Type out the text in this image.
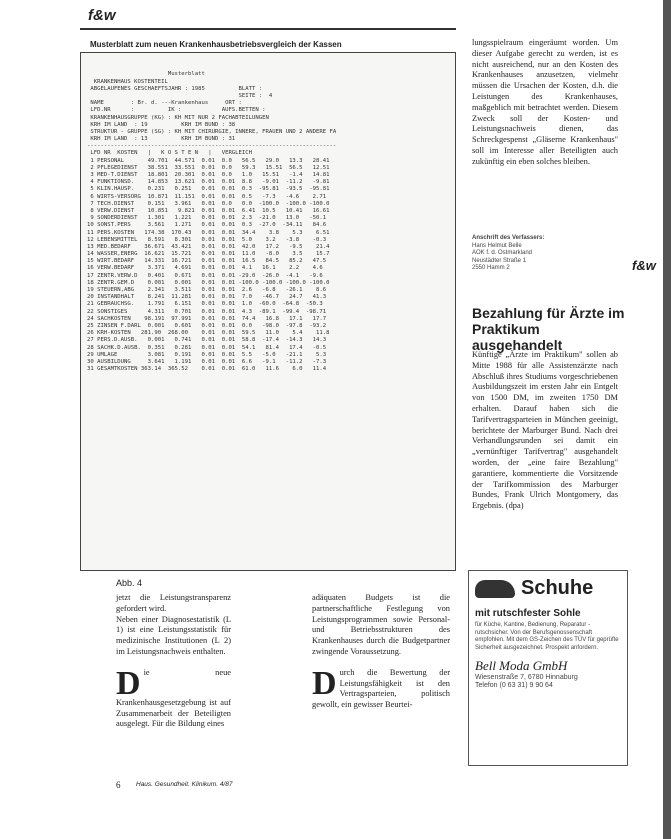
f&w
Musterblatt zum neuen Krankenhausbetriebsvergleich der Kassen

Musterblatt
KRANKENHAUS KOSTENTEIL
ABGELAUFENES GESCHAEFTSJAHR : 1985          BLATT :
SEITE :  4
NAME        : Br. d. ---Krankenhaus     ORT :
LFD.NR      :          IK :            AUFS.BETTEN :
KRANKENHAUSGRUPPE (KG) : KH MIT NUR 2 FACHABTEILUNGEN
KRH IM LAND  : 19          KRH IM BUND : 38
STRUKTUR - GRUPPE (SG) : KH MIT CHIRURGIE, INNERE, FRAUEN UND 2 ANDERE FA
KRH IM LAND  : 13          KRH IM BUND : 31
--------------------------------------------------------------------------
LFD NR  KOSTEN   |   K O S T E N   |   VERGLEICH
1 PERSONAL       49.701  44.571  0.01  0.0   56.5   29.0   13.3   28.41
2 PFLEGEDIENST   38.551  33.551  0.01  0.0   59.3   15.51  56.5   12.51
3 MED-T.DIENST   18.801  20.301  0.01  0.0   1.0   15.51   -1.4   14.81
4 FUNKTIONSD.    14.853  13.621  0.01  0.01  8.8   -9.01  -11.2   -9.81
5 KLIN.HAUSP.    0.231   0.251   0.01  0.01  0.3  -95.81  -93.5  -95.81
6 WIRTS-VERSORG  10.871  11.151  0.01  0.01  0.5   -7.3   -4.6    2.71
7 TECH.DIENST    0.151   3.961   0.01  0.0   0.0  -100.0  -100.0 -100.0
8 VERW.DIENST    10.851   9.821  0.01  0.01  6.41  10.5   10.41   16.61
9 SONDERDIENST   1.301   1.221   0.01  0.01  2.3  -21.0   13.0   -50.1
10 SONST.PERS     3.561   1.271   0.01  0.01  0.3  -27.0  -34.11   84.6
11 PERS.KOSTEN   174.38  170.43   0.01  0.01  34.4    3.8    5.3    6.51
12 LEBENSMITTEL   8.591   8.301   0.01  0.01  5.0    3.2   -3.8    -0.3
13 MED.BEDARF    36.671  43.421   0.01  0.01  42.0   17.2   -9.5    21.4
14 WASSER,ENERG  16.621  15.721   0.01  0.01  11.0   -8.0    3.5    15.7
15 WIRT.BEDARF   14.331  16.721   0.01  0.01  16.5   84.5   85.2   47.5
16 VERW.BEDARF    3.371   4.691   0.01  0.01  4.1   16.1    2.2    4.6
17 ZENTR.VERW.D   0.401   0.671   0.01  0.01 -29.0  -26.0  -4.1   -9.6
18 ZENTR.GEM.D    0.001   0.001   0.01  0.01 -100.0 -100.0 -100.0 -100.0
19 STEUERN,ABG    2.341   3.511   0.01  0.01  2.6   -6.8   -26.1    8.6
20 INSTANDHALT    8.241  11.281   0.01  0.01  7.0   -46.7   24.7   41.3
21 GEBRAUCHSG.    1.791   6.151   0.01  0.01  1.0  -60.0  -64.8  -50.3
22 SONSTIGES      4.311   0.701   0.01  0.01  4.3  -89.1  -99.4  -98.71
24 SACHKOSTEN    98.191  97.991   0.01  0.01  74.4   16.8   17.1   17.7
25 ZINSEN F.DARL  0.001   0.601   0.01  0.01  0.0   -98.0  -97.8  -93.2
26 KRH-KOSTEN   281.90  268.00    0.01  0.01  59.5   11.0    5.4    11.8
27 PERS.D.AUSB.   0.001   0.741   0.01  0.01  58.8  -17.4  -14.3   14.3
28 SACHK.D.AUSB.  0.351   0.281   0.01  0.01  54.1   81.4   17.4   -0.5
29 UMLAGE         3.081   0.191   0.01  0.01  5.5   -5.0   -21.1    5.3
30 AUSBILDUNG     3.641   1.191   0.01  0.01  6.6   -9.1   -11.2   -7.3
31 GESAMTKOSTEN 363.14  365.52    0.01  0.01  61.0   11.6    6.0   11.4

Abb. 4

jetzt die Leistungstransparenz gefordert wird.

Neben einer Diagnosestatistik (L 1) ist eine Leistungsstatistik für medizinische Institutionen (L 2) im Leistungsnachweis enthalten.

Die neue Krankenhausgesetzgebung ist auf Zusammenarbeit der Beteiligten ausgelegt. Für die Bildung eines

adäquaten Budgets ist die partnerschaftliche Festlegung von Leistungsprogrammen sowie Personal- und Betriebsstrukturen des Krankenhauses durch die Budgetpartner zwingende Voraussetzung.

Durch die Bewertung der Leistungsfähigkeit ist den Vertragsparteien, politisch gewollt, ein gewisser Beurtei-

lungsspielraum eingeräumt worden. Um dieser Aufgabe gerecht zu werden, ist es nicht ausreichend, nur an den Kosten des Krankenhauses anzusetzen, vielmehr müssen die Ursachen der Kosten, d.h. die Leistungen des Krankenhauses, maßgeblich mit betrachtet werden. Diesem Zweck soll der Kosten- und Leistungsnachweis dienen, das Schreckgespenst „Gläserne Krankenhaus" soll im Interesse aller Beteiligten auch zukünftig ein eben solches bleiben.

Anschrift des Verfassers:
Hans Helmut Belle
AOK f. d. Ostmarkland
Neustädter Straße 1
2550 Hamm 2	f&w
Bezahlung für Ärzte im Praktikum ausgehandelt

Künftige „Ärzte im Praktikum" sollen ab Mitte 1988 für alle Assistenzärzte nach Abschluß ihres Studiums vorgeschriebenen Ausbildungszeit im ersten Jahr ein Entgelt von 1500 DM, im zweiten 1750 DM erhalten. Darauf haben sich die Tarifvertragsparteien in München geeinigt, berichtete der Marburger Bund. Nach drei Verhandlungsrunden sei damit ein „vernünftiger Tarifvertrag" ausgehandelt worden, der „eine faire Bezahlung" garantiere, kommentierte die Vorsitzende der Tarifkommission des Marburger Bundes, Frank Ulrich Montgomery, das Ergebnis. (dpa)

Schuhe
mit rutschfester Sohle
für Küche, Kantine, Bedienung, Reparatur - rutschsicher. Von der Berufsgenossenschaft empfohlen. Mit dem GS-Zeichen des TÜV für geprüfte Sicherheit ausgezeichnet. Prospekt anfordern.
Bell Moda GmbH
Wiesenstraße 7, 6780 Hinnaburg
Telefon (0 63 31) 9 90 64
6 Haus. Gesundheit. Klinikum. 4/87
